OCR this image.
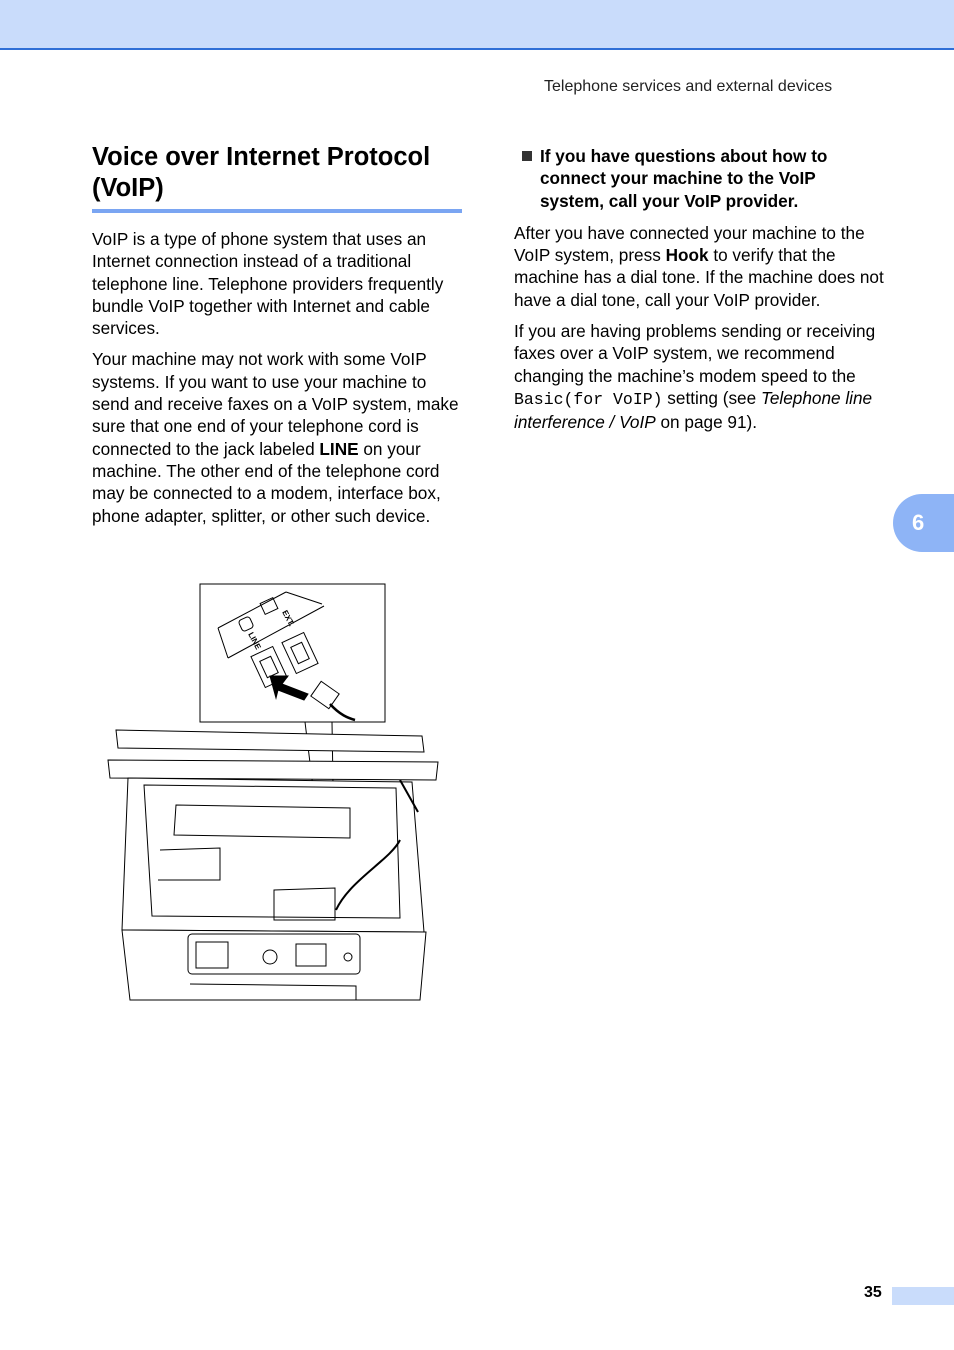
Telephone services and external devices
Voice over Internet Protocol (VoIP)

VoIP is a type of phone system that uses an Internet connection instead of a traditional telephone line. Telephone providers frequently bundle VoIP together with Internet and cable services.

Your machine may not work with some VoIP systems. If you want to use your machine to send and receive faxes on a VoIP system, make sure that one end of your telephone cord is connected to the jack labeled LINE on your machine. The other end of the telephone cord may be connected to a modem, interface box, phone adapter, splitter, or other such device.

If you have questions about how to connect your machine to the VoIP system, call your VoIP provider.

After you have connected your machine to the VoIP system, press Hook to verify that the machine has a dial tone. If the machine does not have a dial tone, call your VoIP provider.

If you are having problems sending or receiving faxes over a VoIP system, we recommend changing the machine’s modem speed to the Basic(for VoIP) setting (see Telephone line interference / VoIP on page 91).

LINE
EXT.
6
35
